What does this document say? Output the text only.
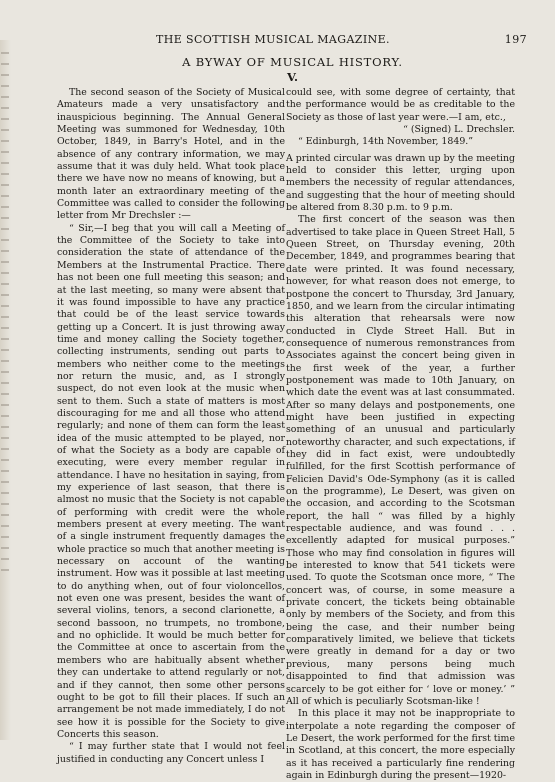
THE SCOTTISH MUSICAL MAGAZINE.	197
A BYWAY OF MUSICAL HISTORY.
V.

The second season of the Society of Musical Amateurs made a very unsatisfactory and inauspicious beginning. The Annual General Meeting was summoned for Wednesday, 10th October, 1849, in Barry's Hotel, and in the absence of any contrary information, we may assume that it was duly held. What took place there we have now no means of knowing, but a month later an extraordinary meeting of the Committee was called to consider the following letter from Mr Drechsler :—

“ Sir,—I beg that you will call a Meeting of the Committee of the Society to take into consideration the state of attendance of the Members at the Instrumental Practice. There has not been one full meeting this season; and at the last meeting, so many were absent that it was found impossible to have any practice that could be of the least service towards getting up a Concert. It is just throwing away time and money calling the Society together, collecting instruments, sending out parts to members who neither come to the meetings nor return the music, and, as I strongly suspect, do not even look at the music when sent to them. Such a state of matters is most discouraging for me and all those who attend regularly; and none of them can form the least idea of the music attempted to be played, nor of what the Society as a body are capable of executing, were every member regular in attendance. I have no hesitation in saying, from my experience of last season, that there is almost no music that the Society is not capable of performing with credit were the whole members present at every meeting. The want of a single instrument frequently damages the whole practice so much that another meeting is necessary on account of the wanting instrument. How was it possible at last meeting to do anything when, out of four violoncellos, not even one was present, besides the want of several violins, tenors, a second clarionette, a second bassoon, no trumpets, no trombone, and no ophiclide. It would be much better for the Committee at once to ascertain from the members who are habitually absent whether they can undertake to attend regularly or not, and if they cannot, then some other persons ought to be got to fill their places. If such an arrangement be not made immediately, I do not see how it is possible for the Society to give Concerts this season.

“ I may further state that I would not feel justified in conducting any Concert unless I

could see, with some degree of certainty, that the performance would be as creditable to the Society as those of last year were.—I am, etc.,

“ (Signed) L. Drechsler.

“ Edinburgh, 14th November, 1849.”

A printed circular was drawn up by the meeting held to consider this letter, urging upon members the necessity of regular attendances, and suggesting that the hour of meeting should be altered from 8.30 p.m. to 9 p.m.

The first concert of the season was then advertised to take place in Queen Street Hall, 5 Queen Street, on Thursday evening, 20th December, 1849, and programmes bearing that date were printed. It was found necessary, however, for what reason does not emerge, to postpone the concert to Thursday, 3rd January, 1850, and we learn from the circular intimating this alteration that rehearsals were now conducted in Clyde Street Hall. But in consequence of numerous remonstrances from Associates against the concert being given in the first week of the year, a further postponement was made to 10th January, on which date the event was at last consummated. After so many delays and postponements, one might have been justified in expecting something of an unusual and particularly noteworthy character, and such expectations, if they did in fact exist, were undoubtedly fulfilled, for the first Scottish performance of Felicien David's Ode-Symphony (as it is called on the programme), Le Desert, was given on the occasion, and according to the Scotsman report, the hall “ was filled by a highly respectable audience, and was found . . . excellently adapted for musical purposes.” Those who may find consolation in figures will be interested to know that 541 tickets were used. To quote the Scotsman once more, “ The concert was, of course, in some measure a private concert, the tickets being obtainable only by members of the Society, and from this being the case, and their number being comparatively limited, we believe that tickets were greatly in demand for a day or two previous, many persons being much disappointed to find that admission was scarcely to be got either for ‘ love or money.’ ” All of which is peculiarly Scotsman-like !

In this place it may not be inappropriate to interpolate a note regarding the composer of Le Desert, the work performed for the first time in Scotland, at this concert, the more especially as it has received a particularly fine rendering again in Edinburgh during the present—1920-
